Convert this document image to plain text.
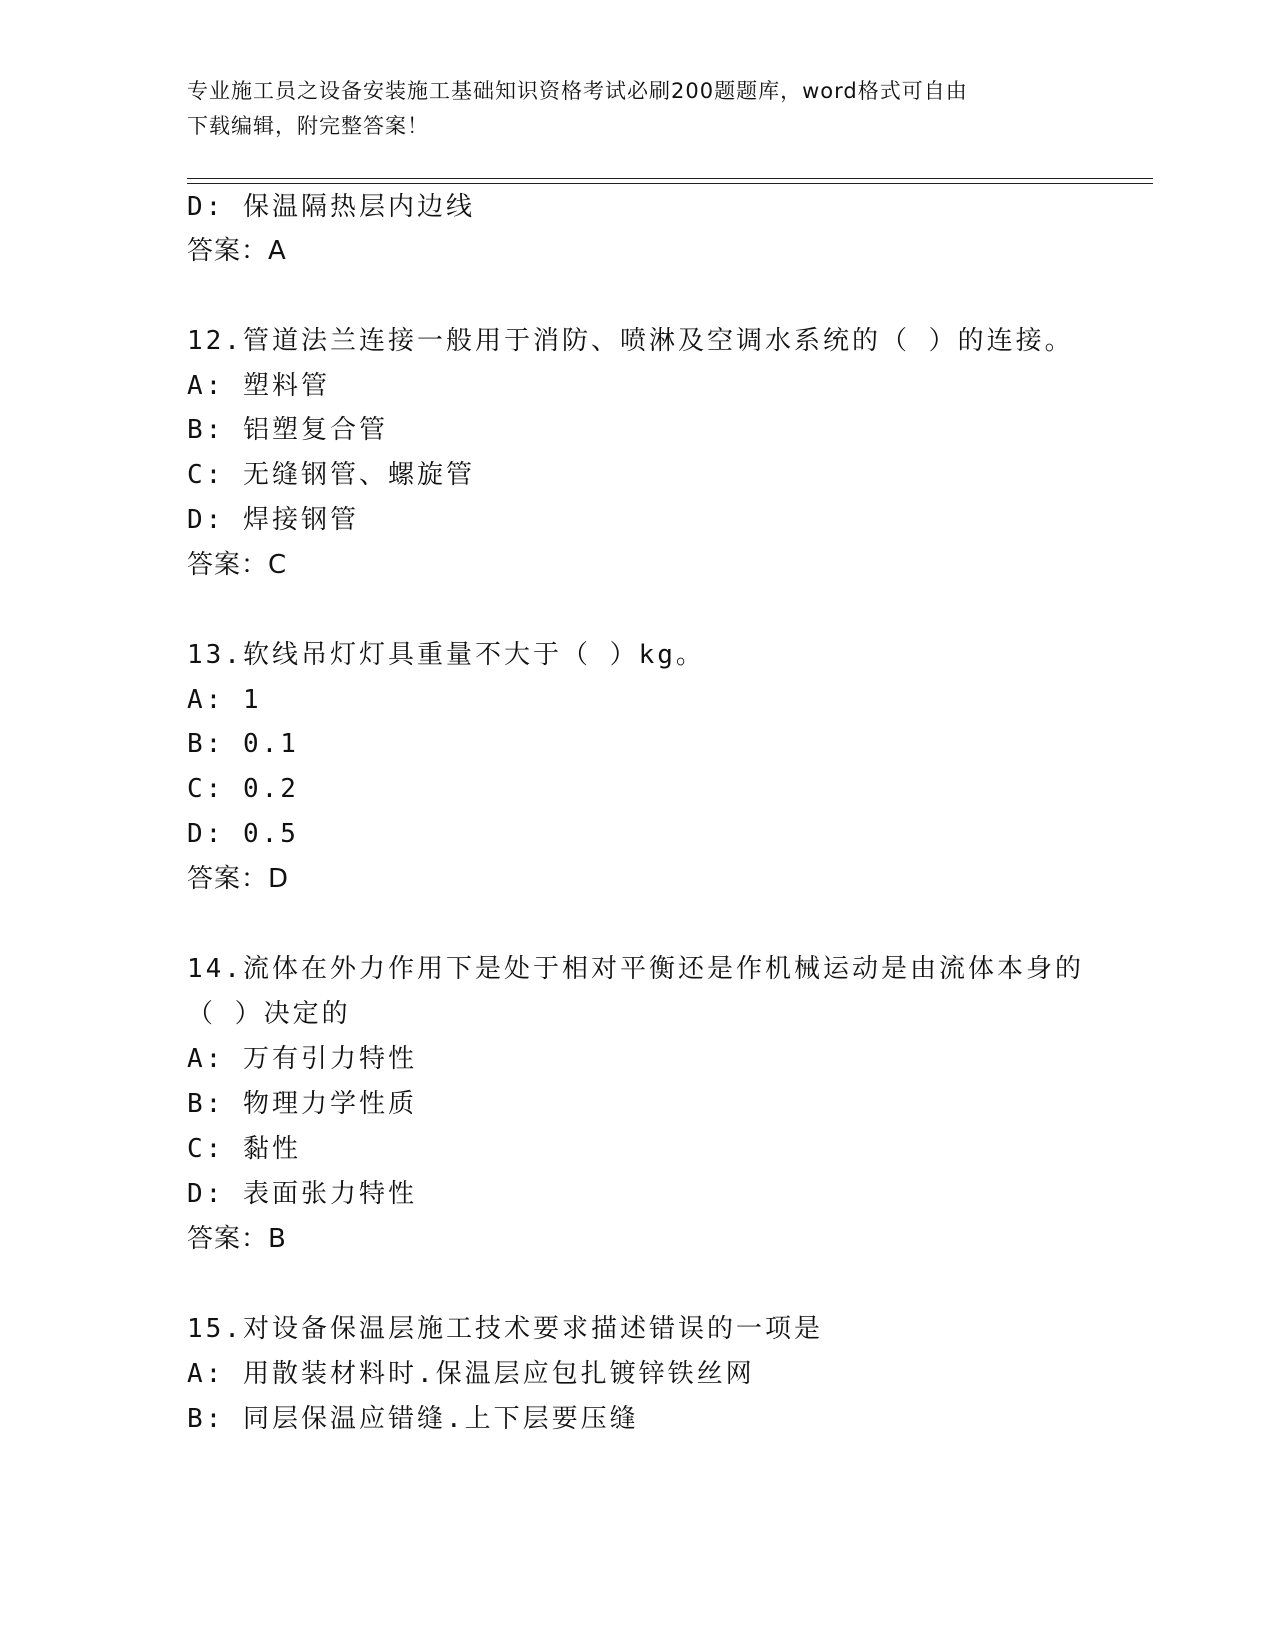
专业施工员之设备安装施工基础知识资格考试必刷200题题库，word格式可自由
下载编辑，附完整答案！
D: 保温隔热层内边线
答案：A
12.管道法兰连接一般用于消防、喷淋及空调水系统的（ ）的连接。
A: 塑料管
B: 铝塑复合管
C: 无缝钢管、螺旋管
D: 焊接钢管
答案：C
13.软线吊灯灯具重量不大于（ ）kg。
A: 1
B: 0.1
C: 0.2
D: 0.5
答案：D
14.流体在外力作用下是处于相对平衡还是作机械运动是由流体本身的
（ ）决定的
A: 万有引力特性
B: 物理力学性质
C: 黏性
D: 表面张力特性
答案：B
15.对设备保温层施工技术要求描述错误的一项是
A: 用散装材料时.保温层应包扎镀锌铁丝网
B: 同层保温应错缝.上下层要压缝
